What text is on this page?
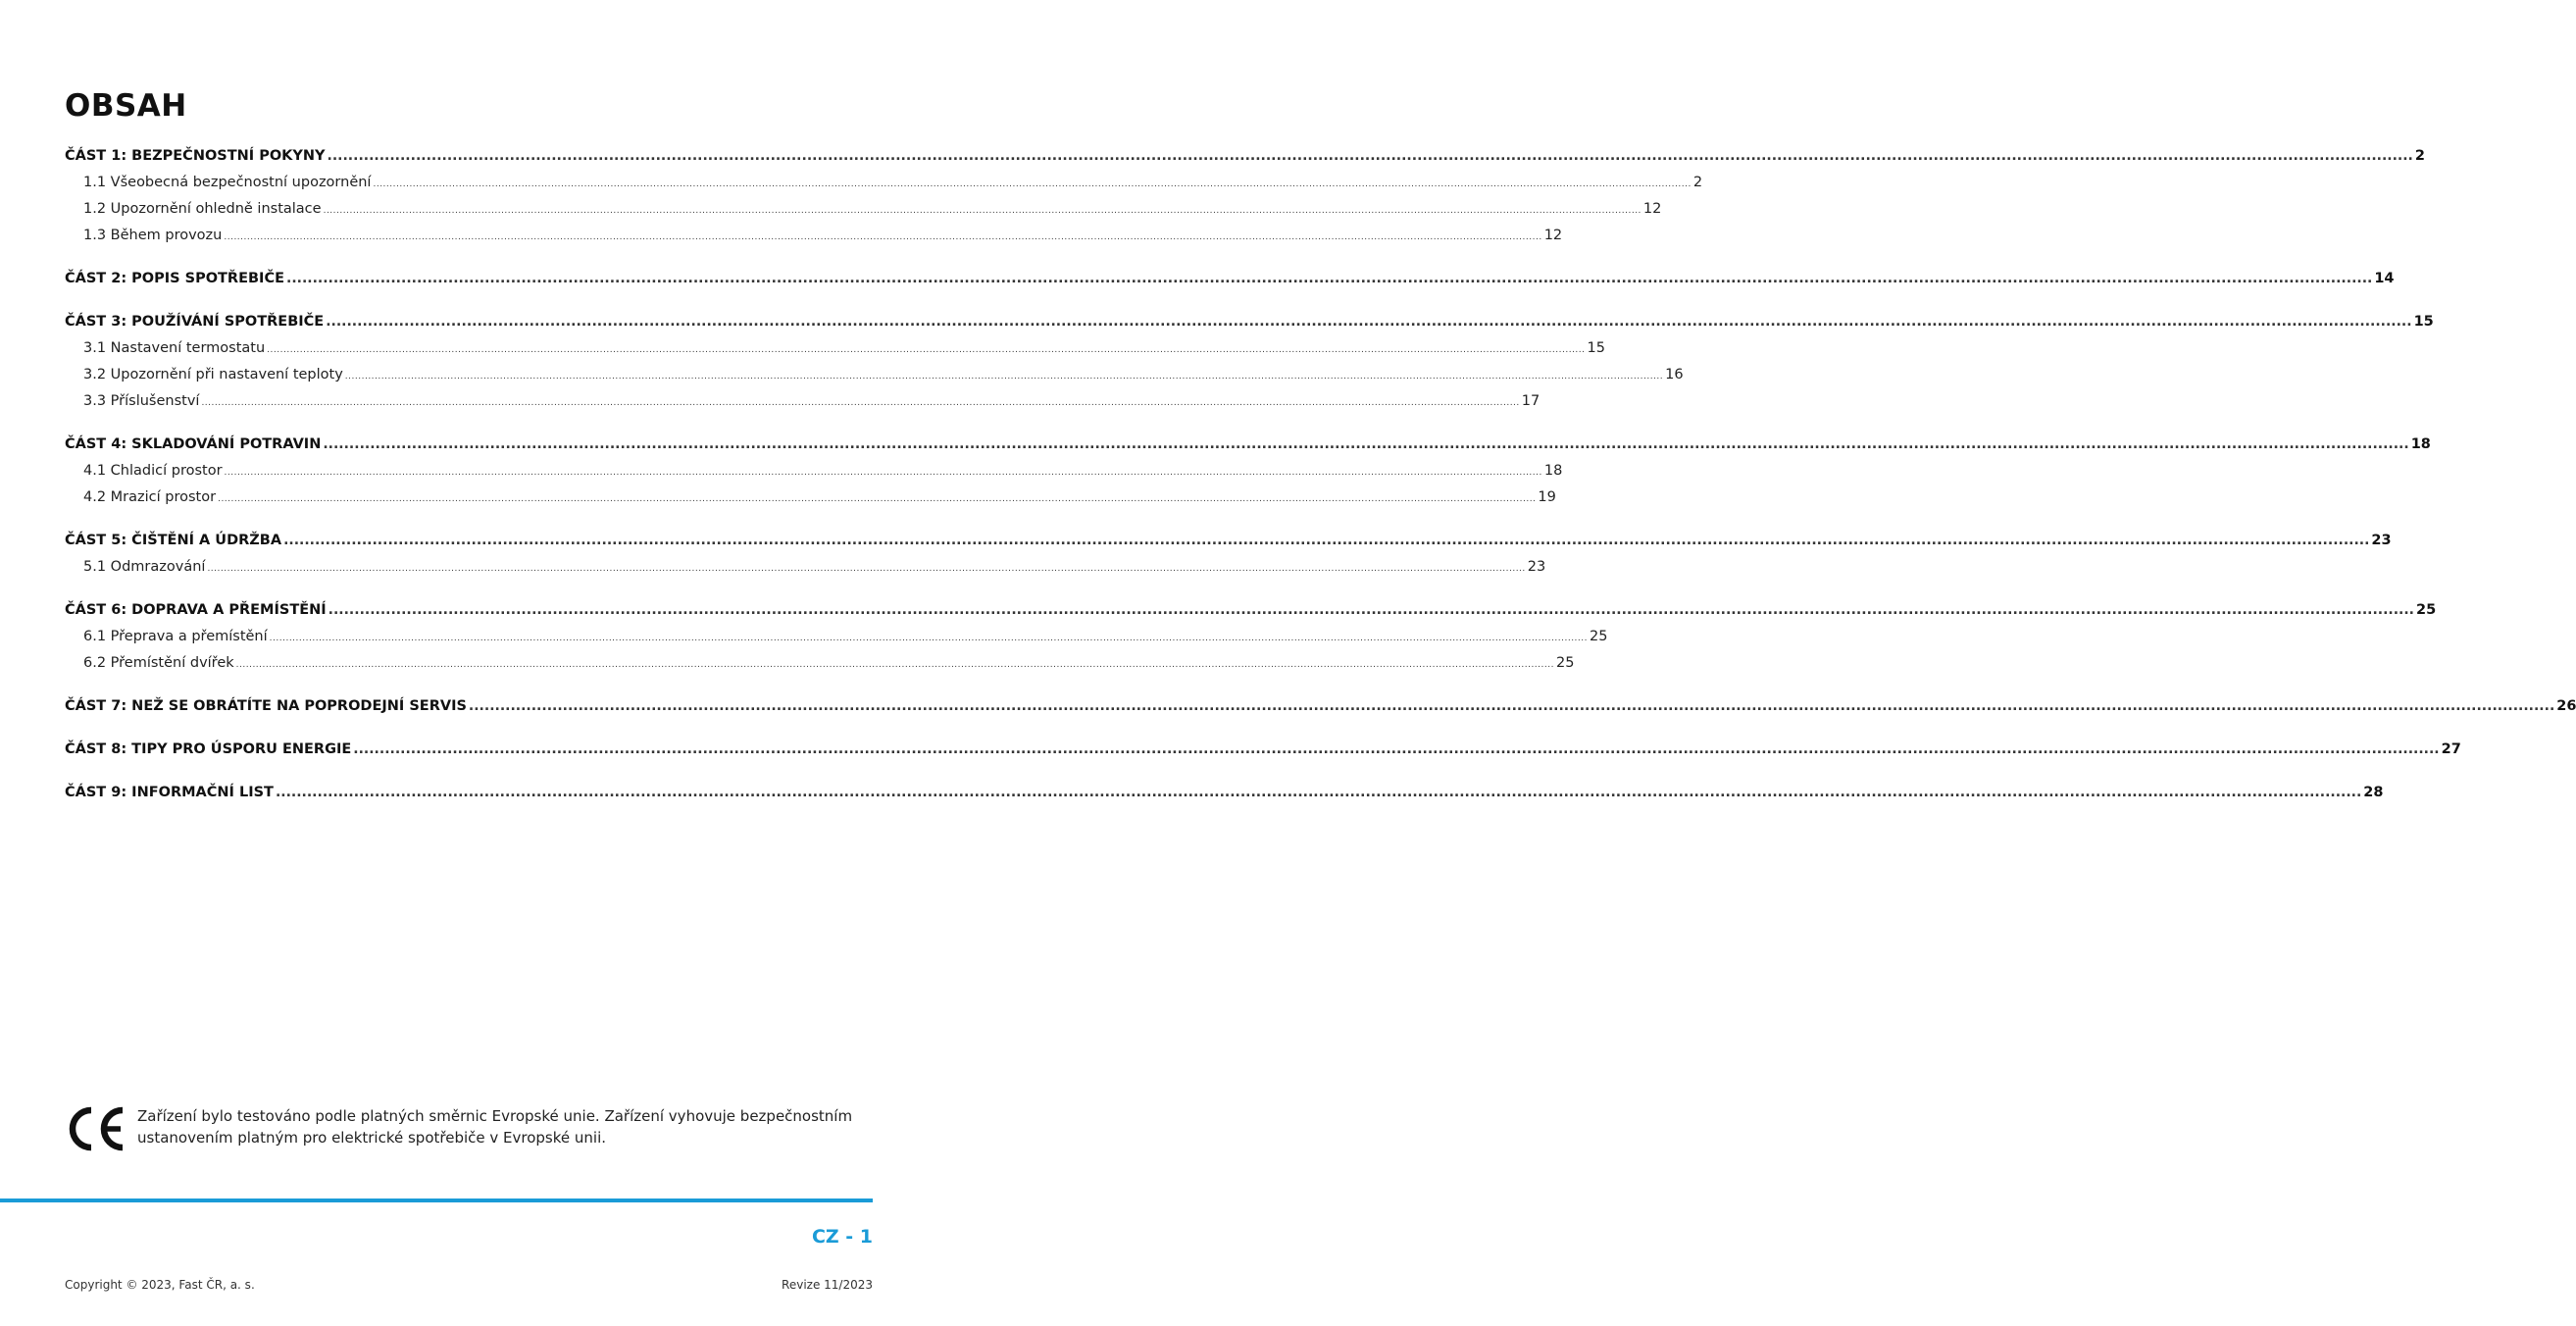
OBSAH
ČÁST 1: BEZPEČNOSTNÍ POKYNY ................................................................................................................................................................................................................................................................................................................................................................................................................ 2
1.1 Všeobecná bezpečnostní upozornění ................................................................................................................................................................................................................................................................................................................................................................................................................ 2
1.2 Upozornění ohledně instalace ................................................................................................................................................................................................................................................................................................................................................................................................................ 12
1.3 Během provozu ................................................................................................................................................................................................................................................................................................................................................................................................................ 12
ČÁST 2: POPIS SPOTŘEBIČE ................................................................................................................................................................................................................................................................................................................................................................................................................ 14
ČÁST 3: POUŽÍVÁNÍ SPOTŘEBIČE ................................................................................................................................................................................................................................................................................................................................................................................................................ 15
3.1 Nastavení termostatu ................................................................................................................................................................................................................................................................................................................................................................................................................ 15
3.2 Upozornění při nastavení teploty ................................................................................................................................................................................................................................................................................................................................................................................................................ 16
3.3 Příslušenství ................................................................................................................................................................................................................................................................................................................................................................................................................ 17
ČÁST 4: SKLADOVÁNÍ POTRAVIN ................................................................................................................................................................................................................................................................................................................................................................................................................ 18
4.1 Chladicí prostor ................................................................................................................................................................................................................................................................................................................................................................................................................ 18
4.2 Mrazicí prostor ................................................................................................................................................................................................................................................................................................................................................................................................................ 19
ČÁST 5: ČIŠTĚNÍ A ÚDRŽBA ................................................................................................................................................................................................................................................................................................................................................................................................................ 23
5.1 Odmrazování ................................................................................................................................................................................................................................................................................................................................................................................................................ 23
ČÁST 6: DOPRAVA A PŘEMÍSTĚNÍ ................................................................................................................................................................................................................................................................................................................................................................................................................ 25
6.1 Přeprava a přemístění ................................................................................................................................................................................................................................................................................................................................................................................................................ 25
6.2 Přemístění dvířek ................................................................................................................................................................................................................................................................................................................................................................................................................ 25
ČÁST 7: NEŽ SE OBRÁTÍTE NA POPRODEJNÍ SERVIS ................................................................................................................................................................................................................................................................................................................................................................................................................ 26
ČÁST 8: TIPY PRO ÚSPORU ENERGIE ................................................................................................................................................................................................................................................................................................................................................................................................................ 27
ČÁST 9: INFORMAČNÍ LIST ................................................................................................................................................................................................................................................................................................................................................................................................................ 28
Zařízení bylo testováno podle platných směrnic Evropské unie. Zařízení vyhovuje bezpečnostním ustanovením platným pro elektrické spotřebiče v Evropské unii.
CZ - 1
Copyright © 2023, Fast ČR, a. s.	Revize 11/2023
